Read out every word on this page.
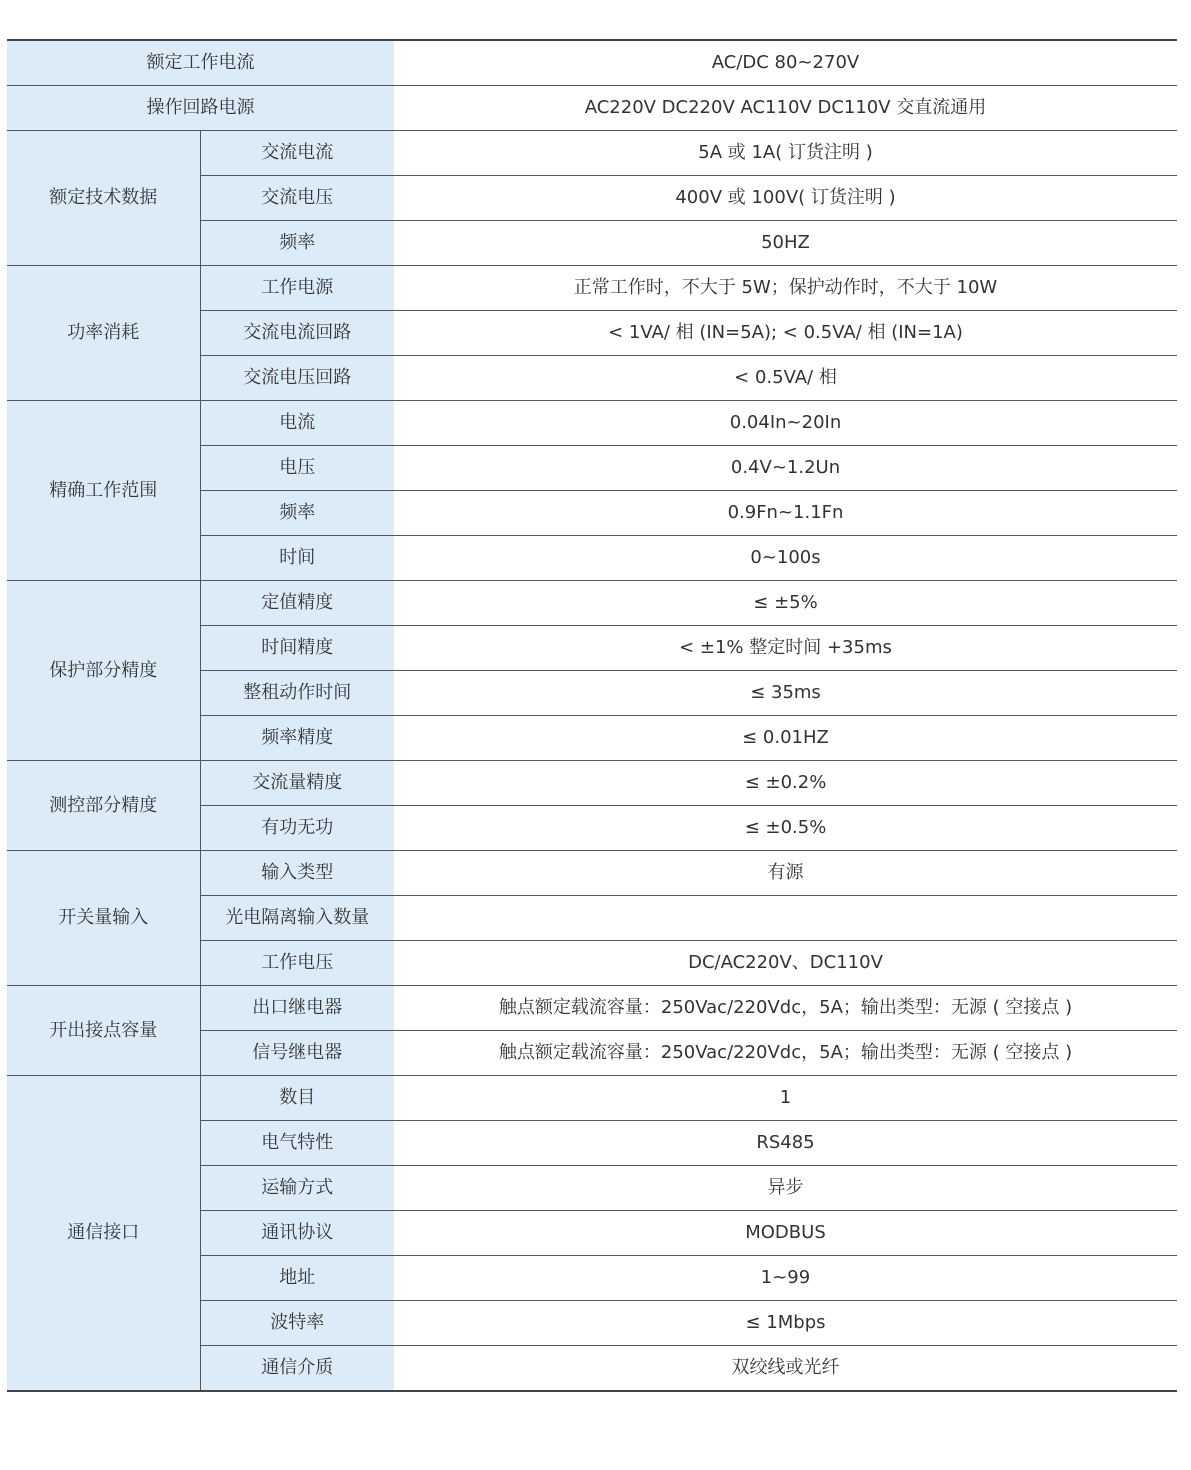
额定工作电流		AC/DC 80~270V
操作回路电源		AC220V DC220V AC110V DC110V 交直流通用
额定技术数据	交流电流	5A 或 1A( 订货注明 )
	交流电压	400V 或 100V( 订货注明 )
	频率	50HZ
功率消耗	工作电源	正常工作时，不大于 5W；保护动作时，不大于 10W
	交流电流回路	< 1VA/ 相 (IN=5A); < 0.5VA/ 相 (IN=1A)
	交流电压回路	< 0.5VA/ 相
精确工作范围	电流	0.04In~20In
	电压	0.4V~1.2Un
	频率	0.9Fn~1.1Fn
	时间	0~100s
保护部分精度	定值精度	≤ ±5%
	时间精度	< ±1% 整定时间 +35ms
	整租动作时间	≤ 35ms
	频率精度	≤ 0.01HZ
测控部分精度	交流量精度	≤ ±0.2%
	有功无功	≤ ±0.5%
开关量输入	输入类型	有源
	光电隔离输入数量	
	工作电压	DC/AC220V、DC110V
开出接点容量	出口继电器	触点额定载流容量：250Vac/220Vdc，5A；输出类型：无源 ( 空接点 )
	信号继电器	触点额定载流容量：250Vac/220Vdc，5A；输出类型：无源 ( 空接点 )
通信接口	数目	1
	电气特性	RS485
	运输方式	异步
	通讯协议	MODBUS
	地址	1~99
	波特率	≤ 1Mbps
	通信介质	双绞线或光纤
